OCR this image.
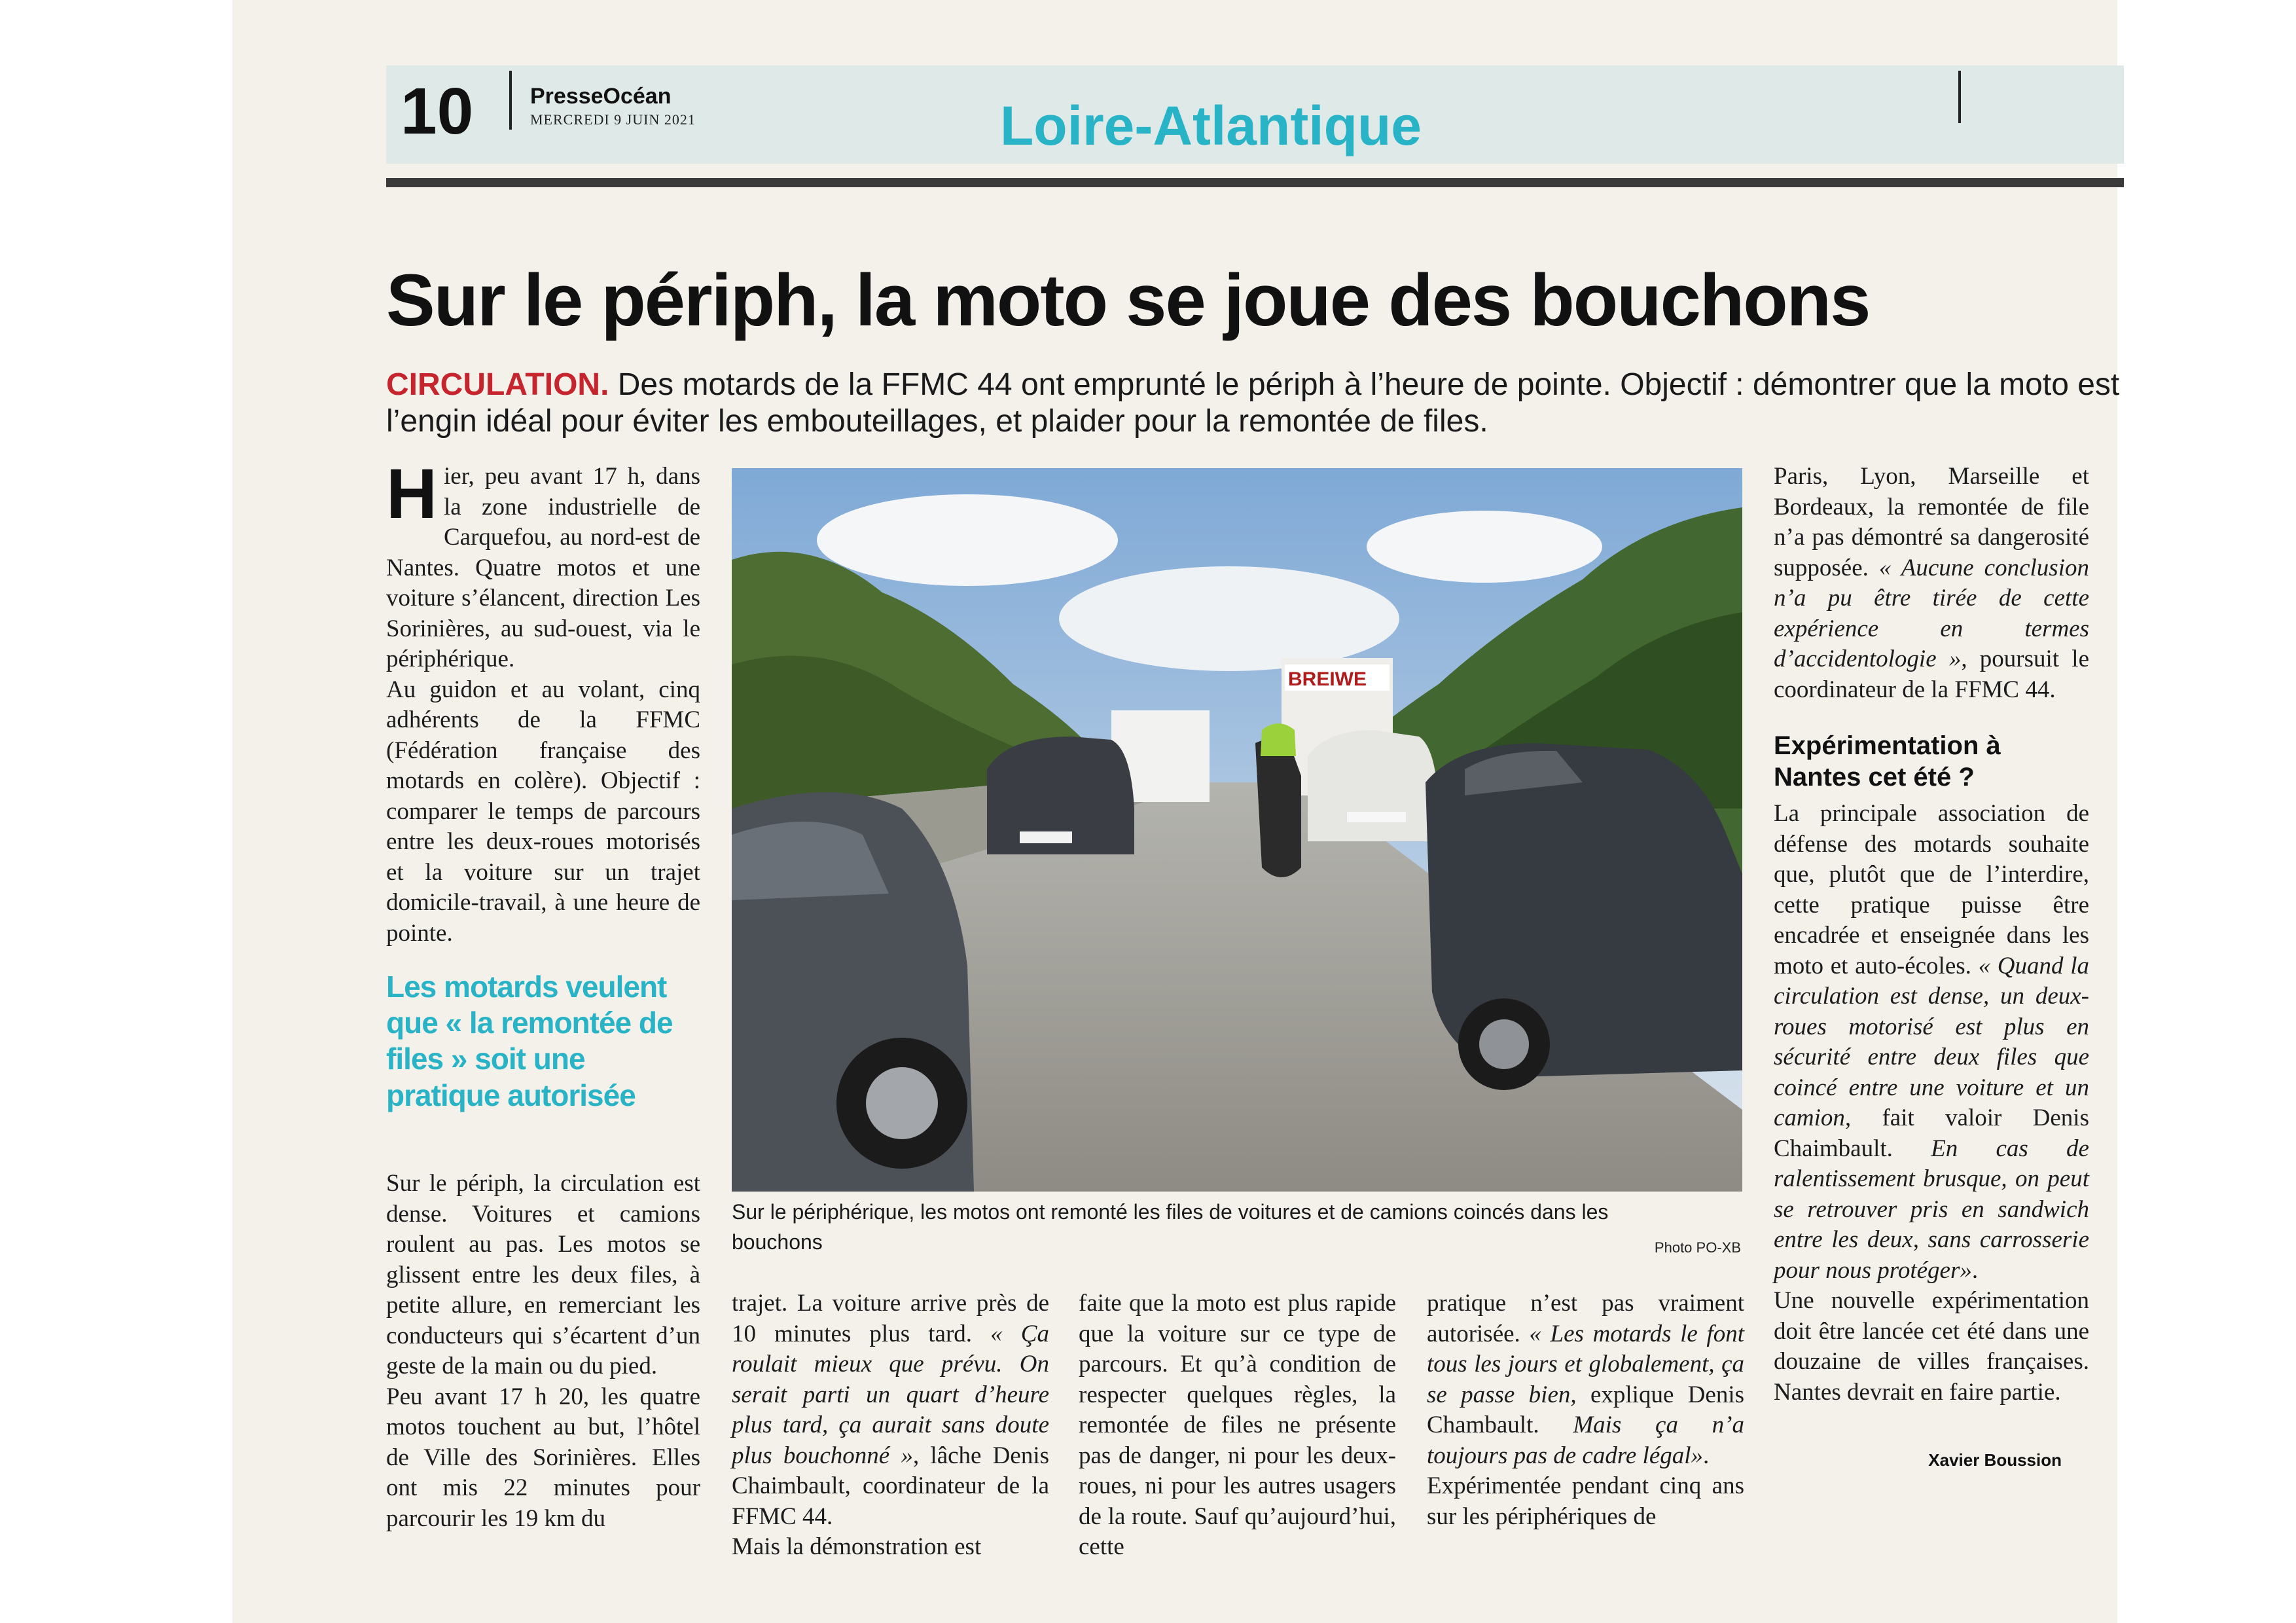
10	PresseOcéan
MERCREDI 9 JUIN 2021	Loire-Atlantique
Sur le périph, la moto se joue des bouchons
CIRCULATION. Des motards de la FFMC 44 ont emprunté le périph à l’heure de pointe. Objectif : démontrer que la moto est l’engin idéal pour éviter les embouteillages, et plaider pour la remontée de files.

Hier, peu avant 17 h, dans la zone industrielle de Carquefou, au nord-est de Nantes. Quatre motos et une voiture s’élancent, direction Les Sorinières, au sud-ouest, via le périphérique.

Au guidon et au volant, cinq adhérents de la FFMC (Fédération française des motards en colère). Objectif : comparer le temps de parcours entre les deux-roues motorisés et la voiture sur un trajet domicile-travail, à une heure de pointe.

Les motards veulent que « la remontée de files » soit une pratique autorisée

Sur le périph, la circulation est dense. Voitures et camions roulent au pas. Les motos se glissent entre les deux files, à petite allure, en remerciant les conducteurs qui s’écartent d’un geste de la main ou du pied.

Peu avant 17 h 20, les quatre motos touchent au but, l’hôtel de Ville des Sorinières. Elles ont mis 22 minutes pour parcourir les 19 km du

BREIWE
Sur le périphérique, les motos ont remonté les files de voitures et de camions coincés dans les bouchons	Photo PO-XB

trajet. La voiture arrive près de 10 minutes plus tard. « Ça roulait mieux que prévu. On serait parti un quart d’heure plus tard, ça aurait sans doute plus bouchonné », lâche Denis Chaimbault, coordinateur de la FFMC 44.

Mais la démonstration est

faite que la moto est plus rapide que la voiture sur ce type de parcours. Et qu’à condition de respecter quelques règles, la remontée de files ne présente pas de danger, ni pour les deux-roues, ni pour les autres usagers de la route. Sauf qu’aujourd’hui, cette

pratique n’est pas vraiment autorisée. « Les motards le font tous les jours et globalement, ça se passe bien, explique Denis Chambault. Mais ça n’a toujours pas de cadre légal».

Expérimentée pendant cinq ans sur les périphériques de

Paris, Lyon, Marseille et Bordeaux, la remontée de file n’a pas démontré sa dangerosité supposée. « Aucune conclusion n’a pu être tirée de cette expérience en termes d’accidentologie », poursuit le coordinateur de la FFMC 44.

Expérimentation à Nantes cet été ?

La principale association de défense des motards souhaite que, plutôt que de l’interdire, cette pratique puisse être encadrée et enseignée dans les moto et auto-écoles. « Quand la circulation est dense, un deux-roues motorisé est plus en sécurité entre deux files que coincé entre une voiture et un camion, fait valoir Denis Chaimbault. En cas de ralentissement brusque, on peut se retrouver pris en sandwich entre les deux, sans carrosserie pour nous protéger».

Une nouvelle expérimentation doit être lancée cet été dans une douzaine de villes françaises. Nantes devrait en faire partie.

Xavier Boussion
